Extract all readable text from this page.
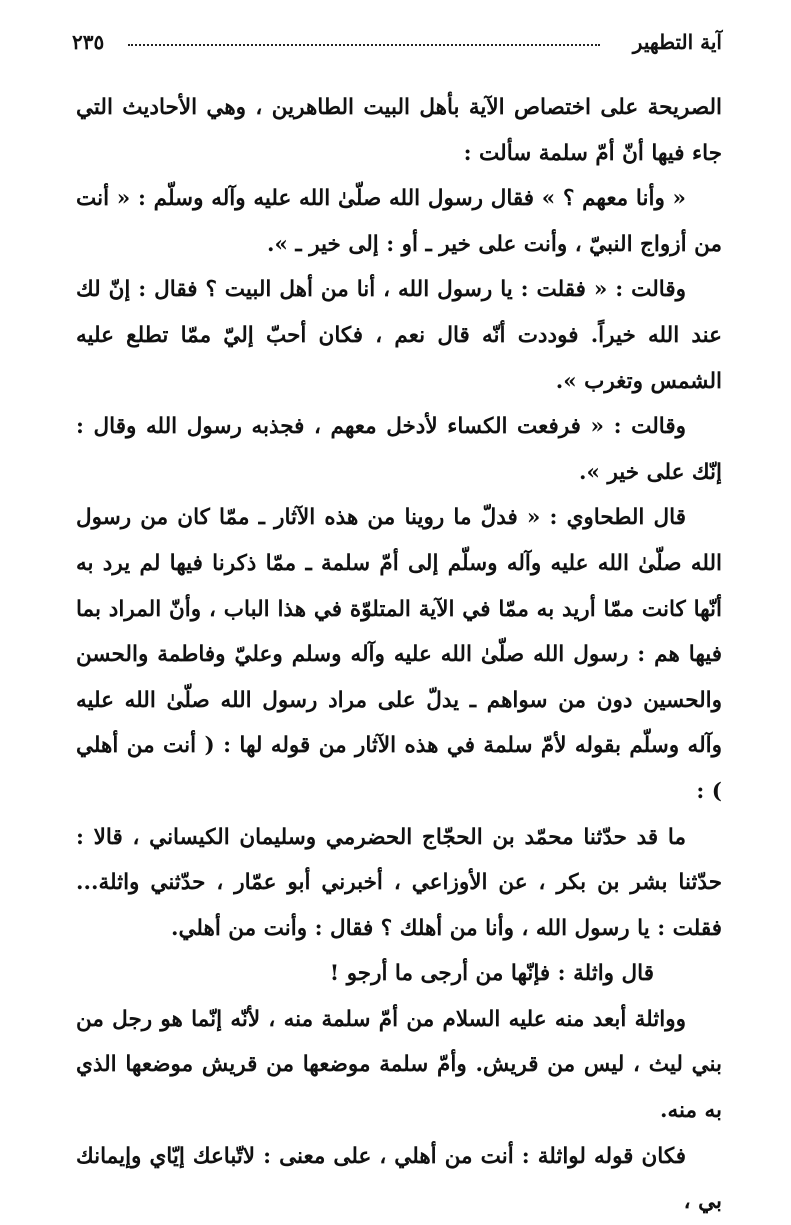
آية التطهير
٢٣٥

الصريحة على اختصاص الآية بأهل البيت الطاهرين ، وهي الأحاديث التي جاء فيها أنّ أمّ سلمة سألت :

« وأنا معهم ؟ » فقال رسول الله صلّىٰ الله عليه وآله وسلّم : « أنت من أزواج النبيّ ، وأنت على خير ـ أو : إلى خير ـ ».

وقالت : « فقلت : يا رسول الله ، أنا من أهل البيت ؟ فقال : إنّ لك عند الله خيراً. فوددت أنّه قال نعم ، فكان أحبّ إليّ ممّا تطلع عليه الشمس وتغرب ».

وقالت : « فرفعت الكساء لأدخل معهم ، فجذبه رسول الله وقال : إنّك على خير ».

قال الطحاوي : « فدلّ ما روينا من هذه الآثار ـ ممّا كان من رسول الله صلّىٰ الله عليه وآله وسلّم إلى أمّ سلمة ـ ممّا ذكرنا فيها لم يرد به أنّها كانت ممّا أريد به ممّا في الآية المتلوّة في هذا الباب ، وأنّ المراد بما فيها هم : رسول الله صلّىٰ الله عليه وآله وسلم وعليّ وفاطمة والحسن والحسين دون من سواهم ـ يدلّ على مراد رسول الله صلّىٰ الله عليه وآله وسلّم بقوله لأمّ سلمة في هذه الآثار من قوله لها : ( أنت من أهلي ) :

ما قد حدّثنا محمّد بن الحجّاج الحضرمي وسليمان الكيساني ، قالا : حدّثنا بشر بن بكر ، عن الأوزاعي ، أخبرني أبو عمّار ، حدّثني واثلة... فقلت : يا رسول الله ، وأنا من أهلك ؟ فقال : وأنت من أهلي.

قال واثلة : فإنّها من أرجى ما أرجو !

وواثلة أبعد منه عليه السلام من أمّ سلمة منه ، لأنّه إنّما هو رجل من بني ليث ، ليس من قريش. وأمّ سلمة موضعها من قريش موضعها الذي به منه.

فكان قوله لواثلة : أنت من أهلي ، على معنى : لاتّباعك إيّاي وإيمانك بي ،
